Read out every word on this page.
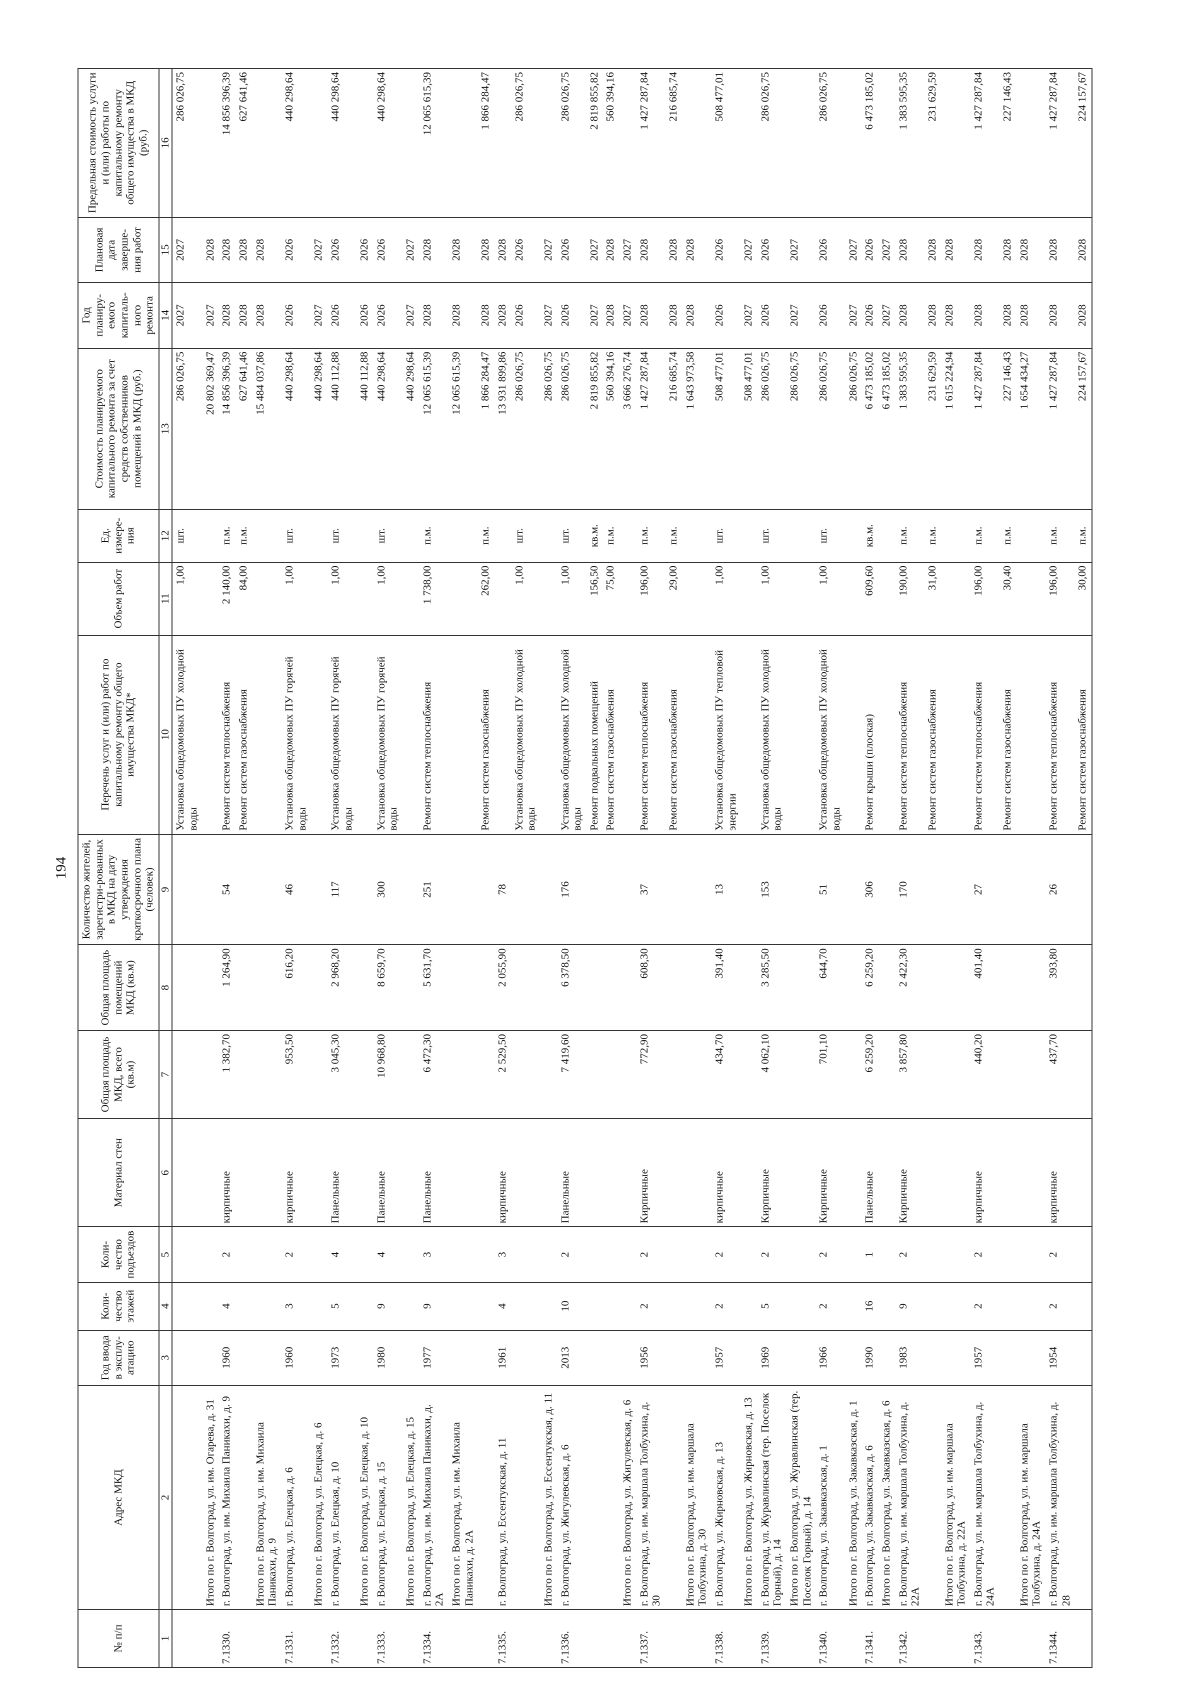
194
№ п/п	Адрес МКД	Год ввода в эксплу-атацию	Коли-чество этажей	Коли-чество подъездов	Материал стен	Общая площадь МКД, всего (кв.м)	Общая площадь помещений МКД (кв.м)	Количество жителей, зарегистри-рованных в МКД на дату утверждения краткосрочного плана (человек)	Перечень услуг и (или) работ по капитальному ремонту общего имущества МКД*	Объем работ	Ед. измере-ния	Стоимость планируемого капитального ремонта за счет средств собственников помещений в МКД (руб.)	Год планиру-емого капиталь-ного ремонта	Плановая дата заверше-ния работ	Предельная стоимость услуги и (или) работы по капитальному ремонту общего имущества в МКД (руб.)
1	2	3	4	5	6	7	8	9	10	11	12	13	14	15	16
									Установка общедомовых ПУ холодной воды	1,00	шт.	286 026,75	2027	2027	286 026,75
	Итого по г. Волгоград, ул. им. Огарева, д. 31											20 802 369,47	2027	2028	
7.1330.	г. Волгоград, ул. им. Михаила Паникахи, д. 9	1960	4	2	кирпичные	1 382,70	1 264,90	54	Ремонт систем теплоснабжения	2 140,00	п.м.	14 856 396,39	2028	2028	14 856 396,39
									Ремонт систем газоснабжения	84,00	п.м.	627 641,46	2028	2028	627 641,46
	Итого по г. Волгоград, ул. им. Михаила Паникахи, д. 9											15 484 037,86	2028	2028	
7.1331.	г. Волгоград, ул. Елецкая, д. 6	1960	3	2	кирпичные	953,50	616,20	46	Установка общедомовых ПУ горячей воды	1,00	шт.	440 298,64	2026	2026	440 298,64
	Итого по г. Волгоград, ул. Елецкая, д. 6											440 298,64	2027	2027	
7.1332.	г. Волгоград, ул. Елецкая, д. 10	1973	5	4	Панельные	3 045,30	2 968,20	117	Установка общедомовых ПУ горячей воды	1,00	шт.	440 112,88	2026	2026	440 298,64
	Итого по г. Волгоград, ул. Елецкая, д. 10											440 112,88	2026	2026	
7.1333.	г. Волгоград, ул. Елецкая, д. 15	1980	9	4	Панельные	10 968,80	8 659,70	300	Установка общедомовых ПУ горячей воды	1,00	шт.	440 298,64	2026	2026	440 298,64
	Итого по г. Волгоград, ул. Елецкая, д. 15											440 298,64	2027	2027	
7.1334.	г. Волгоград, ул. им. Михаила Паникахи, д. 2А	1977	9	3	Панельные	6 472,30	5 631,70	251	Ремонт систем теплоснабжения	1 738,00	п.м.	12 065 615,39	2028	2028	12 065 615,39
	Итого по г. Волгоград, ул. им. Михаила Паникахи, д. 2А											12 065 615,39	2028	2028	
									Ремонт систем газоснабжения	262,00	п.м.	1 866 284,47	2028	2028	1 866 284,47
7.1335.	г. Волгоград, ул. Ессентукская, д. 11	1961	4	3	кирпичные	2 529,50	2 055,90	78				13 931 899,86	2028	2028	
									Установка общедомовых ПУ холодной воды	1,00	шт.	286 026,75	2026	2026	286 026,75
	Итого по г. Волгоград, ул. Ессентукская, д. 11											286 026,75	2027	2027	
7.1336.	г. Волгоград, ул. Жигулевская, д. 6	2013	10	2	Панельные	7 419,60	6 378,50	176	Установка общедомовых ПУ холодной воды	1,00	шт.	286 026,75	2026	2026	286 026,75
									Ремонт подвальных помещений	156,50	кв.м.	2 819 855,82	2027	2027	2 819 855,82
									Ремонт систем газоснабжения	75,00	п.м.	560 394,16	2028	2028	560 394,16
	Итого по г. Волгоград, ул. Жигулевская, д. 6											3 666 276,74	2027	2027	
7.1337.	г. Волгоград, ул. им. маршала Толбухина, д. 30	1956	2	2	Кирпичные	772,90	608,30	37	Ремонт систем теплоснабжения	196,00	п.м.	1 427 287,84	2028	2028	1 427 287,84
									Ремонт систем газоснабжения	29,00	п.м.	216 685,74	2028	2028	216 685,74
	Итого по г. Волгоград, ул. им. маршала Толбухина, д. 30											1 643 973,58	2028	2028	
7.1338.	г. Волгоград, ул. Жирновская, д. 13	1957	2	2	кирпичные	434,70	391,40	13	Установка общедомовых ПУ тепловой энергии	1,00	шт.	508 477,01	2026	2026	508 477,01
	Итого по г. Волгоград, ул. Жирновская, д. 13											508 477,01	2027	2027	
7.1339.	г. Волгоград, ул. Журавлинская (тер. Поселок Горный), д. 14	1969	5	2	Кирпичные	4 062,10	3 285,50	153	Установка общедомовых ПУ холодной воды	1,00	шт.	286 026,75	2026	2026	286 026,75
	Итого по г. Волгоград, ул. Журавлинская (тер. Поселок Горный), д. 14											286 026,75	2027	2027	
7.1340.	г. Волгоград, ул. Закавказская, д. 1	1966	2	2	Кирпичные	701,10	644,70	51	Установка общедомовых ПУ холодной воды	1,00	шт.	286 026,75	2026	2026	286 026,75
	Итого по г. Волгоград, ул. Закавказская, д. 1											286 026,75	2027	2027	
7.1341.	г. Волгоград, ул. Закавказская, д. 6	1990	16	1	Панельные	6 259,20	6 259,20	306	Ремонт крыши (плоская)	609,60	кв.м.	6 473 185,02	2026	2026	6 473 185,02
	Итого по г. Волгоград, ул. Закавказская, д. 6											6 473 185,02	2027	2027	
7.1342.	г. Волгоград, ул. им. маршала Толбухина, д. 22А	1983	9	2	Кирпичные	3 857,80	2 422,30	170	Ремонт систем теплоснабжения	190,00	п.м.	1 383 595,35	2028	2028	1 383 595,35
									Ремонт систем газоснабжения	31,00	п.м.	231 629,59	2028	2028	231 629,59
	Итого по г. Волгоград, ул. им. маршала Толбухина, д. 22А											1 615 224,94	2028	2028	
7.1343.	г. Волгоград, ул. им. маршала Толбухина, д. 24А	1957	2	2	кирпичные	440,20	401,40	27	Ремонт систем теплоснабжения	196,00	п.м.	1 427 287,84	2028	2028	1 427 287,84
									Ремонт систем газоснабжения	30,40	п.м.	227 146,43	2028	2028	227 146,43
	Итого по г. Волгоград, ул. им. маршала Толбухина, д. 24А											1 654 434,27	2028	2028	
7.1344.	г. Волгоград, ул. им. маршала Толбухина, д. 28	1954	2	2	кирпичные	437,70	393,80	26	Ремонт систем теплоснабжения	196,00	п.м.	1 427 287,84	2028	2028	1 427 287,84
									Ремонт систем газоснабжения	30,00	п.м.	224 157,67	2028	2028	224 157,67
